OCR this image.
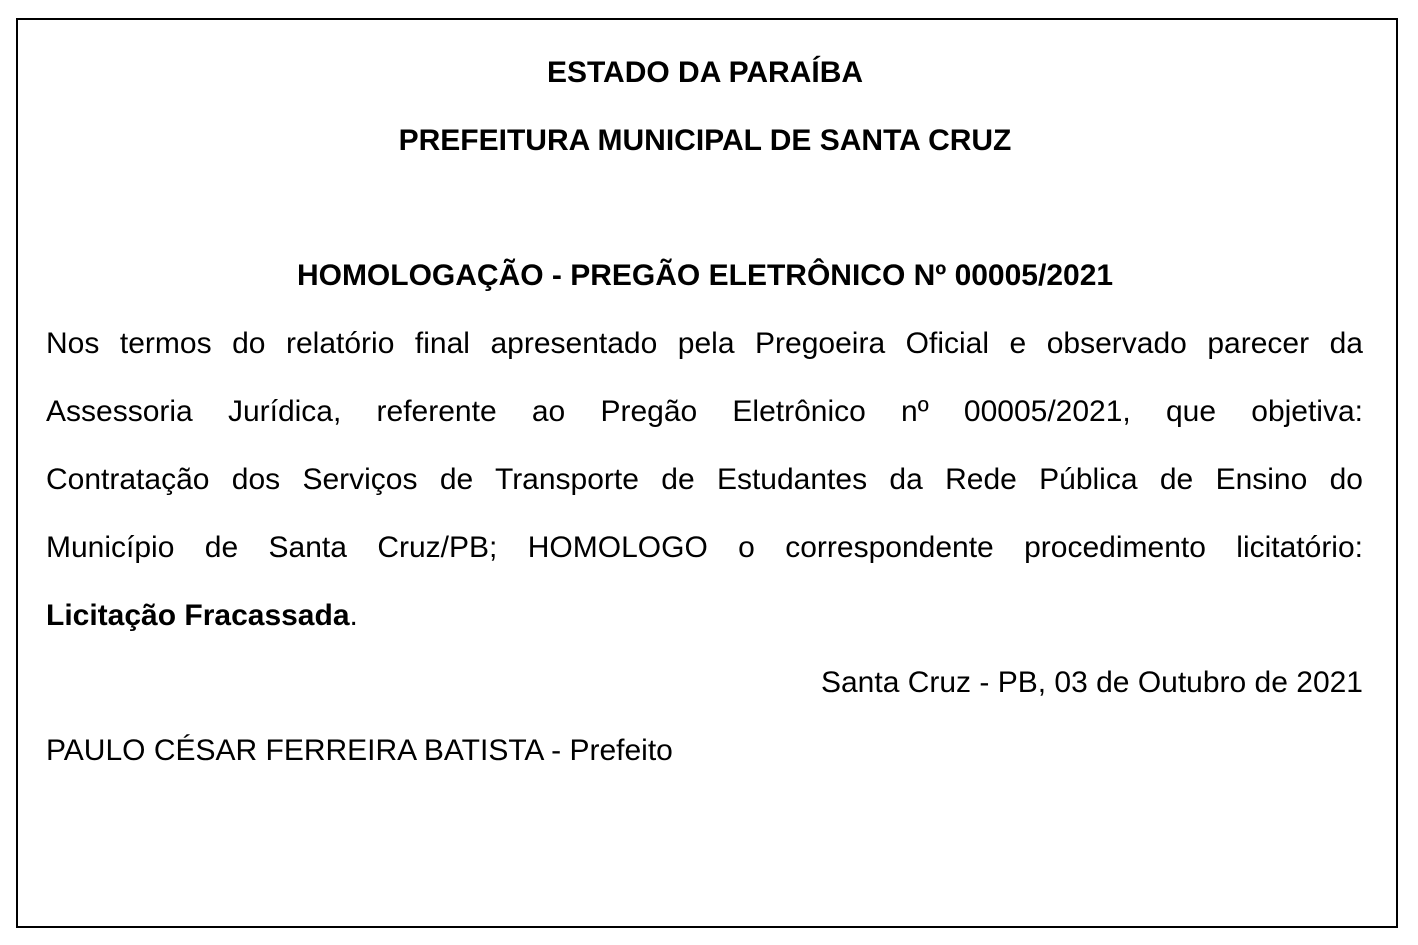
ESTADO DA PARAÍBA
PREFEITURA MUNICIPAL DE SANTA CRUZ
HOMOLOGAÇÃO - PREGÃO ELETRÔNICO Nº 00005/2021
Nos termos do relatório final apresentado pela Pregoeira Oficial e observado parecer da
Assessoria Jurídica, referente ao Pregão Eletrônico nº 00005/2021, que objetiva:
Contratação dos Serviços de Transporte de Estudantes da Rede Pública de Ensino do
Município de Santa Cruz/PB; HOMOLOGO o correspondente procedimento licitatório:
Licitação Fracassada.
Santa Cruz - PB, 03 de Outubro de 2021
PAULO CÉSAR FERREIRA BATISTA - Prefeito
